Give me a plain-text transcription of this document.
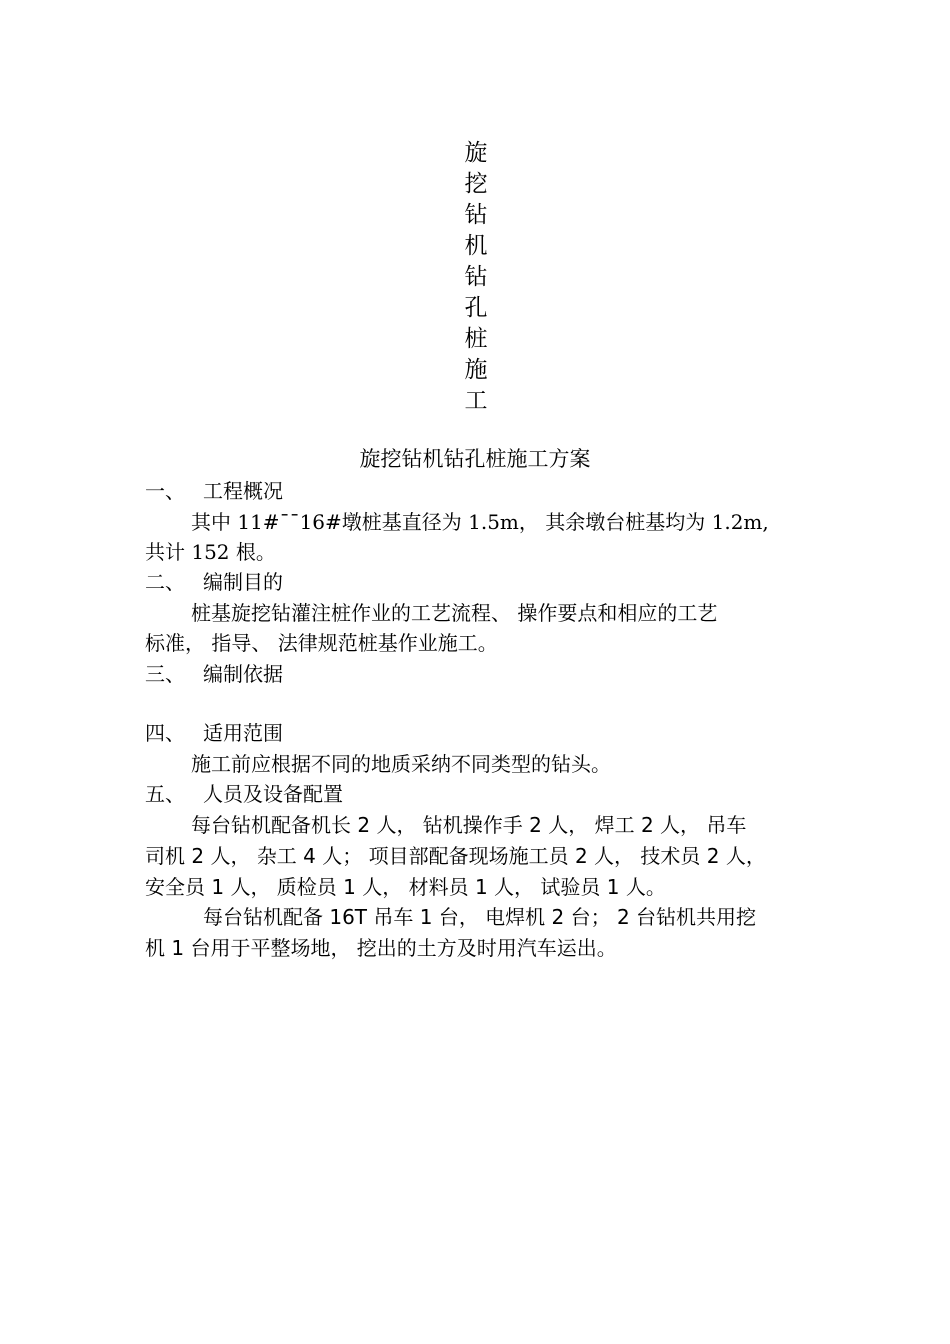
旋
挖
钻
机
钻
孔
桩
施
工
旋挖钻机钻孔桩施工方案
一、 工程概况
其中 11#¯¯16#墩桩基直径为 1.5m， 其余墩台桩基均为 1.2m,
共计 152 根。
二、 编制目的
桩基旋挖钻灌注桩作业的工艺流程、 操作要点和相应的工艺
标准， 指导、 法律规范桩基作业施工。
三、 编制依据
四、 适用范围
施工前应根据不同的地质采纳不同类型的钻头。
五、 人员及设备配置
每台钻机配备机长 2 人， 钻机操作手 2 人， 焊工 2 人， 吊车
司机 2 人， 杂工 4 人； 项目部配备现场施工员 2 人， 技术员 2 人，
安全员 1 人， 质检员 1 人， 材料员 1 人， 试验员 1 人。
每台钻机配备 16T 吊车 1 台， 电焊机 2 台； 2 台钻机共用挖
机 1 台用于平整场地， 挖出的土方及时用汽车运出。
